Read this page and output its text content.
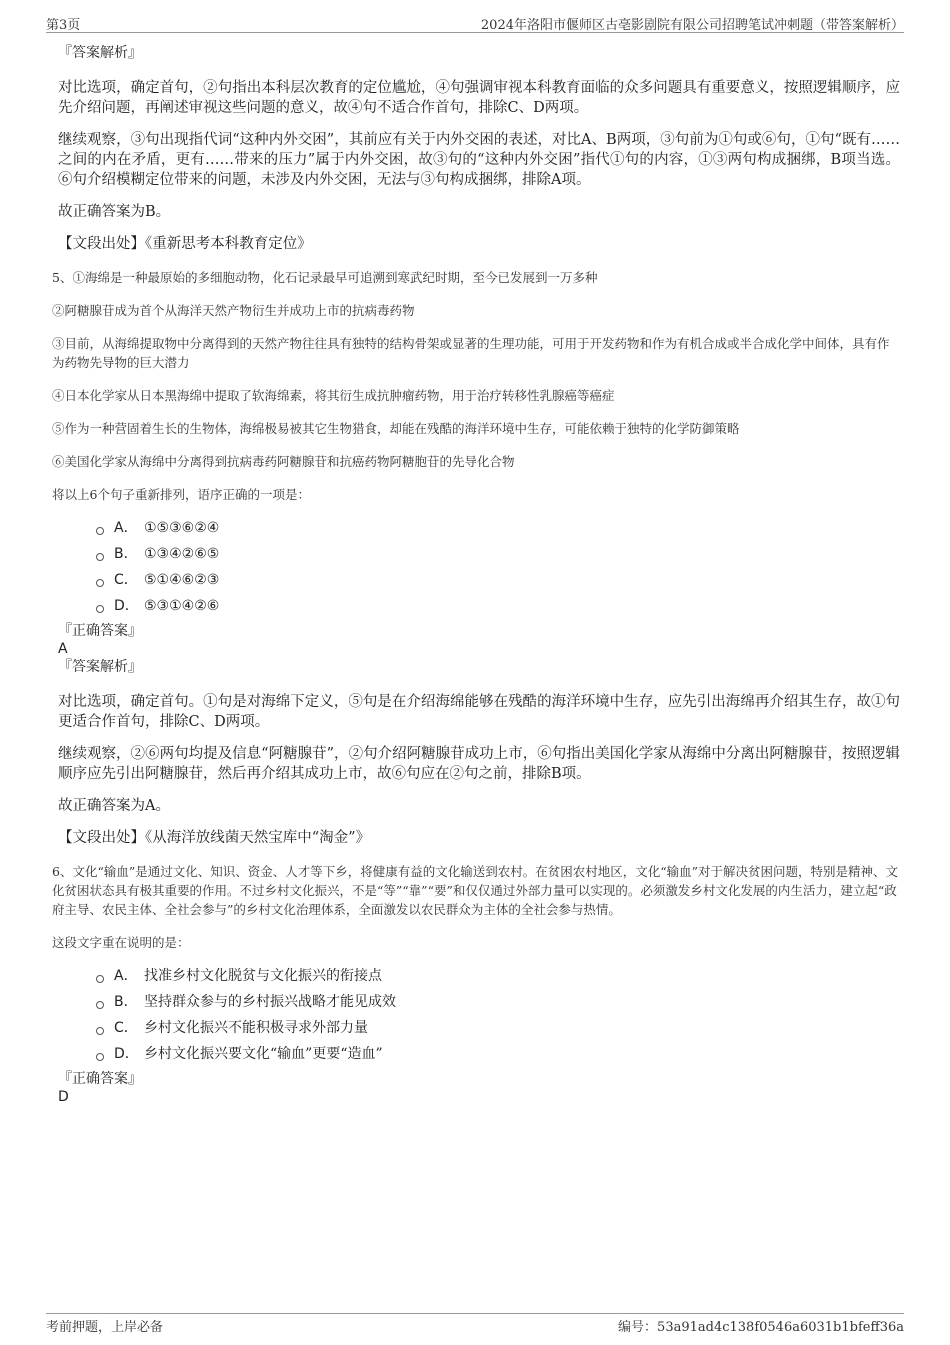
第3页	2024年洛阳市偃师区古亳影剧院有限公司招聘笔试冲刺题（带答案解析）
『答案解析』

对比选项，确定首句，②句指出本科层次教育的定位尴尬，④句强调审视本科教育面临的众多问题具有重要意义，按照逻辑顺序，应先介绍问题，再阐述审视这些问题的意义，故④句不适合作首句，排除C、D两项。

继续观察，③句出现指代词“这种内外交困”，其前应有关于内外交困的表述，对比A、B两项，③句前为①句或⑥句，①句“既有……之间的内在矛盾，更有……带来的压力”属于内外交困，故③句的“这种内外交困”指代①句的内容，①③两句构成捆绑，B项当选。⑥句介绍模糊定位带来的问题，未涉及内外交困，无法与③句构成捆绑，排除A项。

故正确答案为B。

【文段出处】《重新思考本科教育定位》

5、①海绵是一种最原始的多细胞动物，化石记录最早可追溯到寒武纪时期，至今已发展到一万多种

②阿糖腺苷成为首个从海洋天然产物衍生并成功上市的抗病毒药物

③目前，从海绵提取物中分离得到的天然产物往往具有独特的结构骨架或显著的生理功能，可用于开发药物和作为有机合成或半合成化学中间体，具有作为药物先导物的巨大潜力

④日本化学家从日本黑海绵中提取了软海绵素，将其衍生成抗肿瘤药物，用于治疗转移性乳腺癌等癌症

⑤作为一种营固着生长的生物体，海绵极易被其它生物猎食，却能在残酷的海洋环境中生存，可能依赖于独特的化学防御策略

⑥美国化学家从海绵中分离得到抗病毒药阿糖腺苷和抗癌药物阿糖胞苷的先导化合物

将以上6个句子重新排列，语序正确的一项是：

A． ①⑤③⑥②④
B． ①③④②⑥⑤
C． ⑤①④⑥②③
D． ⑤③①④②⑥
『正确答案』
A
『答案解析』

对比选项，确定首句。①句是对海绵下定义，⑤句是在介绍海绵能够在残酷的海洋环境中生存，应先引出海绵再介绍其生存，故①句更适合作首句，排除C、D两项。

继续观察，②⑥两句均提及信息“阿糖腺苷”，②句介绍阿糖腺苷成功上市，⑥句指出美国化学家从海绵中分离出阿糖腺苷，按照逻辑顺序应先引出阿糖腺苷，然后再介绍其成功上市，故⑥句应在②句之前，排除B项。

故正确答案为A。

【文段出处】《从海洋放线菌天然宝库中“淘金”》

6、文化“输血”是通过文化、知识、资金、人才等下乡，将健康有益的文化输送到农村。在贫困农村地区，文化“输血”对于解决贫困问题，特别是精神、文化贫困状态具有极其重要的作用。不过乡村文化振兴，不是“等”“靠”“要”和仅仅通过外部力量可以实现的。必须激发乡村文化发展的内生活力，建立起“政府主导、农民主体、全社会参与”的乡村文化治理体系，全面激发以农民群众为主体的全社会参与热情。

这段文字重在说明的是：

A． 找准乡村文化脱贫与文化振兴的衔接点
B． 坚持群众参与的乡村振兴战略才能见成效
C． 乡村文化振兴不能积极寻求外部力量
D． 乡村文化振兴要文化“输血”更要“造血”
『正确答案』
D
考前押题，上岸必备	编号：53a91ad4c138f0546a6031b1bfeff36a
